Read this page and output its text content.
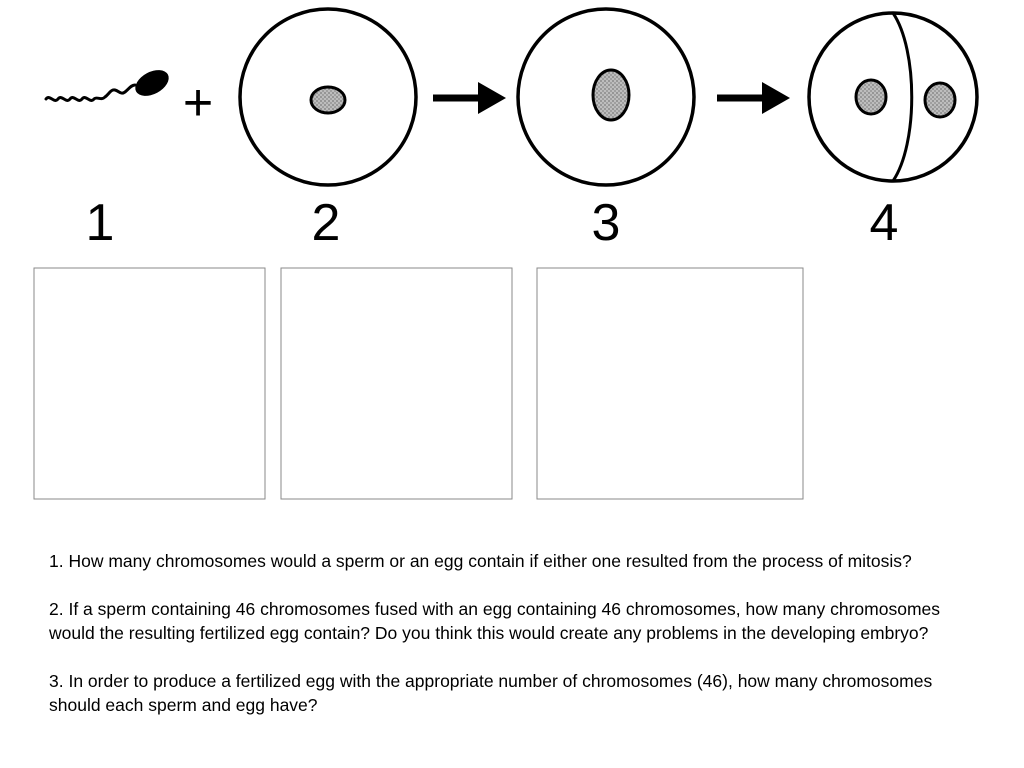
+
1	2	3	4

1. How many chromosomes would a sperm or an egg contain if either one resulted from the process of mitosis?

2. If a sperm containing 46 chromosomes fused with an egg containing 46 chromosomes, how many chromosomes would the resulting fertilized egg contain? Do you think this would create any problems in the developing embryo?

3. In order to produce a fertilized egg with the appropriate number of chromosomes (46), how many chromosomes should each sperm and egg have?
